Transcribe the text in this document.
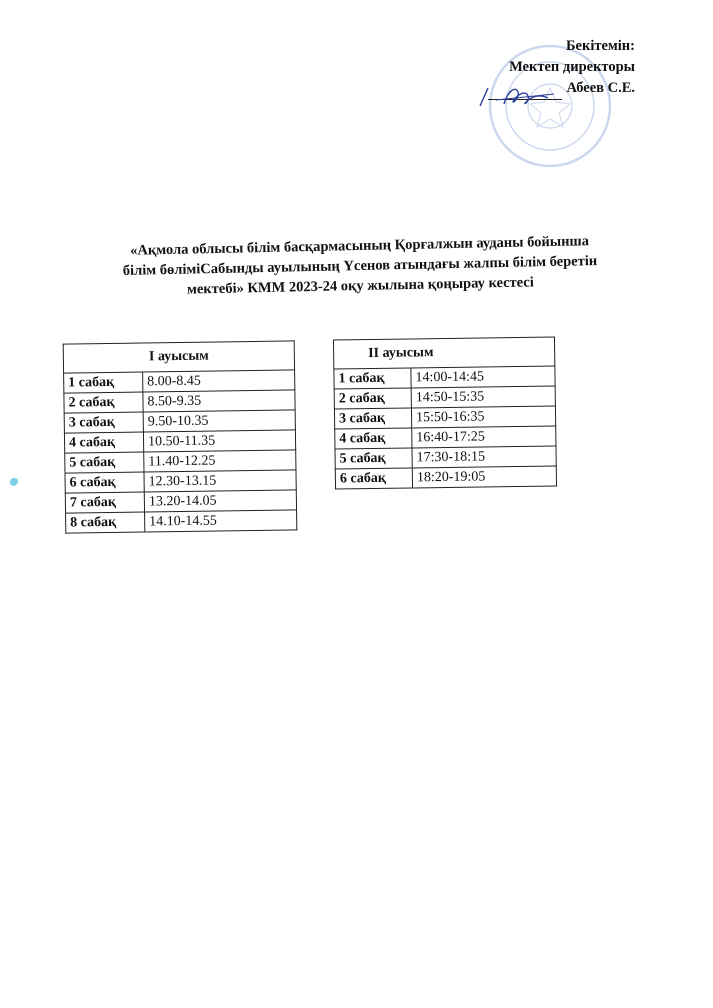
Бекітемін:
Мектеп директоры
Абеев С.Е.
«Ақмола облысы білім басқармасының Қорғалжын ауданы бойынша
білім бөліміСабынды ауылының Үсенов атындағы жалпы білім беретін
мектебі» КММ 2023-24 оқу жылына қоңырау кестесі
І ауысым	
1 сабақ	8.00-8.45
2 сабақ	8.50-9.35
3 сабақ	9.50-10.35
4 сабақ	10.50-11.35
5 сабақ	11.40-12.25
6 сабақ	12.30-13.15
7 сабақ	13.20-14.05
8 сабақ	14.10-14.55
ІІ ауысым	
1 сабақ	14:00-14:45
2 сабақ	14:50-15:35
3 сабақ	15:50-16:35
4 сабақ	16:40-17:25
5 сабақ	17:30-18:15
6 сабақ	18:20-19:05
